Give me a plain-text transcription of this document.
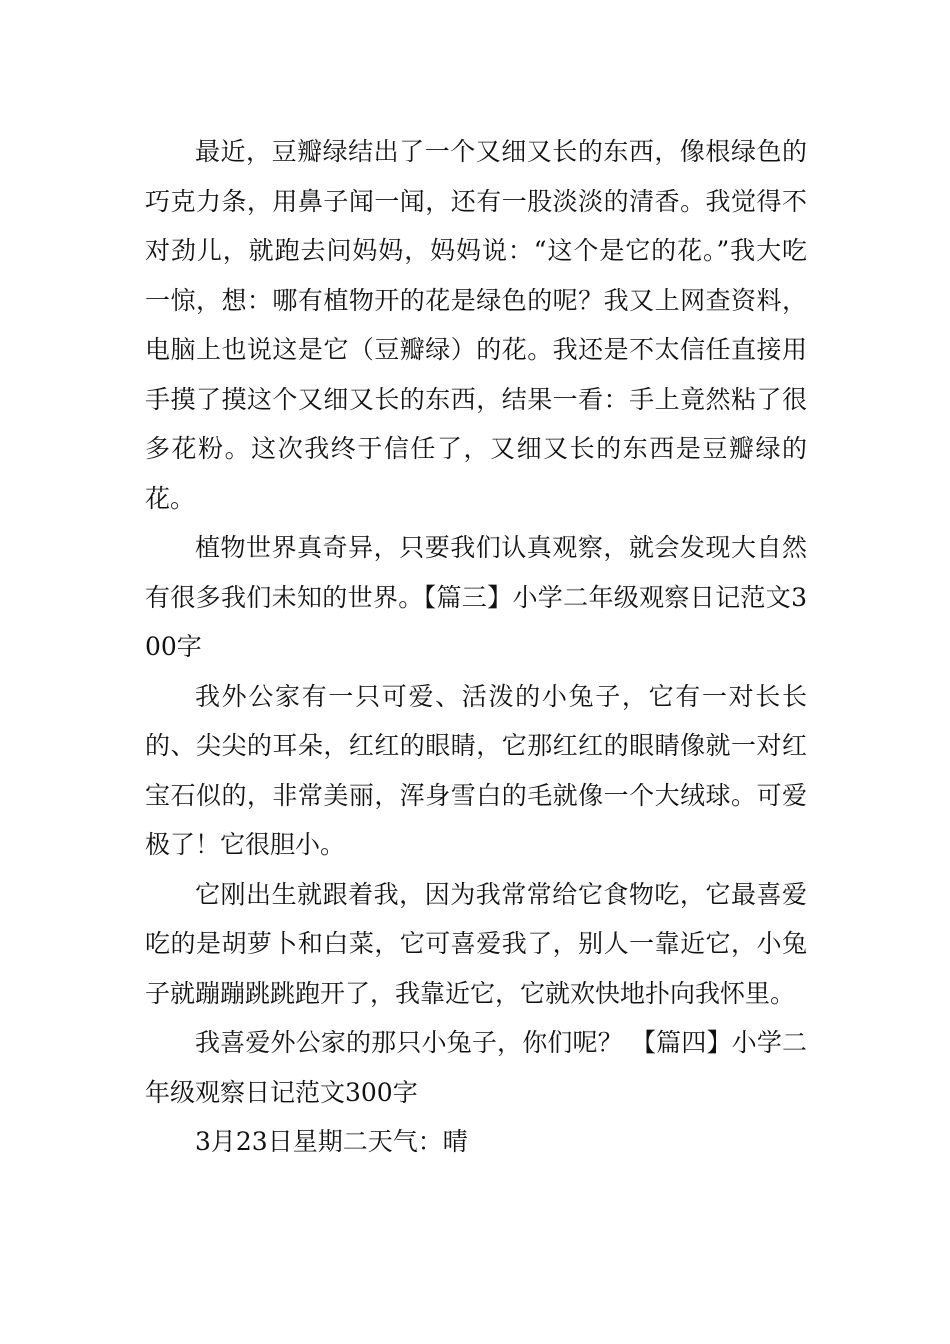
最近，豆瓣绿结出了一个又细又长的东西，像根绿色的巧克力条，用鼻子闻一闻，还有一股淡淡的清香。我觉得不对劲儿，就跑去问妈妈，妈妈说：“这个是它的花。”我大吃一惊，想：哪有植物开的花是绿色的呢？我又上网查资料，电脑上也说这是它（豆瓣绿）的花。我还是不太信任直接用手摸了摸这个又细又长的东西，结果一看：手上竟然粘了很多花粉。这次我终于信任了，又细又长的东西是豆瓣绿的花。

植物世界真奇异，只要我们认真观察，就会发现大自然有很多我们未知的世界。【篇三】小学二年级观察日记范文300字

我外公家有一只可爱、活泼的小兔子，它有一对长长的、尖尖的耳朵，红红的眼睛，它那红红的眼睛像就一对红宝石似的，非常美丽，浑身雪白的毛就像一个大绒球。可爱极了！它很胆小。

它刚出生就跟着我，因为我常常给它食物吃，它最喜爱吃的是胡萝卜和白菜，它可喜爱我了，别人一靠近它，小兔子就蹦蹦跳跳跑开了，我靠近它，它就欢快地扑向我怀里。

我喜爱外公家的那只小兔子，你们呢？ 【篇四】小学二年级观察日记范文300字

3月23日星期二天气：晴
